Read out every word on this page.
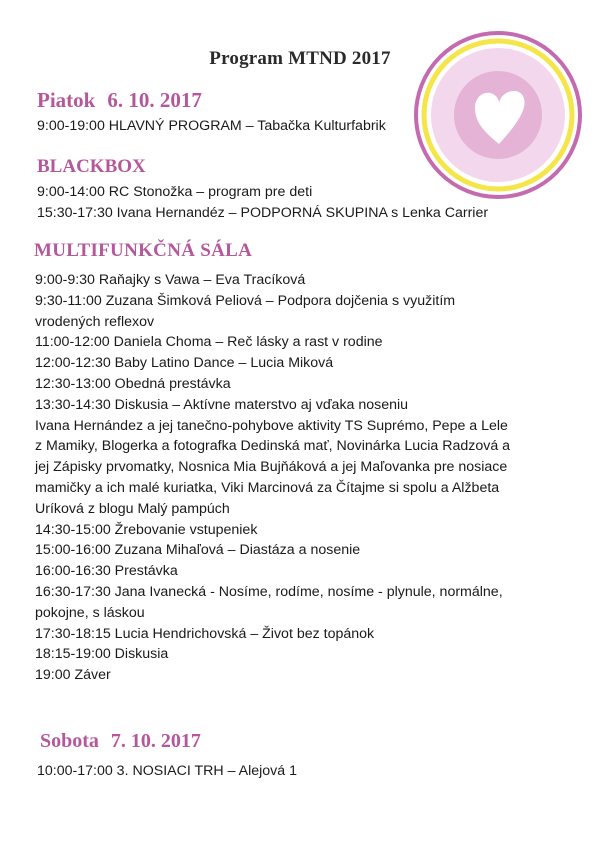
Program MTND 2017
Piatok 6. 10. 2017
9:00-19:00 HLAVNÝ PROGRAM – Tabačka Kulturfabrik
BLACKBOX
9:00-14:00 RC Stonožka – program pre deti
15:30-17:30 Ivana Hernandéz – PODPORNÁ SKUPINA s Lenka Carrier
MULTIFUNKČNÁ SÁLA
9:00-9:30 Raňajky s Vawa – Eva Tracíková
9:30-11:00 Zuzana Šimková Peliová – Podpora dojčenia s využitím
vrodených reflexov
11:00-12:00 Daniela Choma – Reč lásky a rast v rodine
12:00-12:30 Baby Latino Dance – Lucia Miková
12:30-13:00 Obedná prestávka
13:30-14:30 Diskusia – Aktívne materstvo aj vďaka noseniu
Ivana Hernández a jej tanečno-pohybove aktivity TS Suprémo, Pepe a Lele
z Mamiky, Blogerka a fotografka Dedinská mať, Novinárka Lucia Radzová a
jej Zápisky prvomatky, Nosnica Mia Bujňáková a jej Maľovanka pre nosiace
mamičky a ich malé kuriatka, Viki Marcinová za Čítajme si spolu a Alžbeta
Uríková z blogu Malý pampúch
14:30-15:00 Žrebovanie vstupeniek
15:00-16:00 Zuzana Mihaľová – Diastáza a nosenie
16:00-16:30 Prestávka
16:30-17:30 Jana Ivanecká - Nosíme, rodíme, nosíme - plynule, normálne,
pokojne, s láskou
17:30-18:15 Lucia Hendrichovská – Život bez topánok
18:15-19:00 Diskusia
19:00 Záver
Sobota 7. 10. 2017
10:00-17:00 3. NOSIACI TRH – Alejová 1
